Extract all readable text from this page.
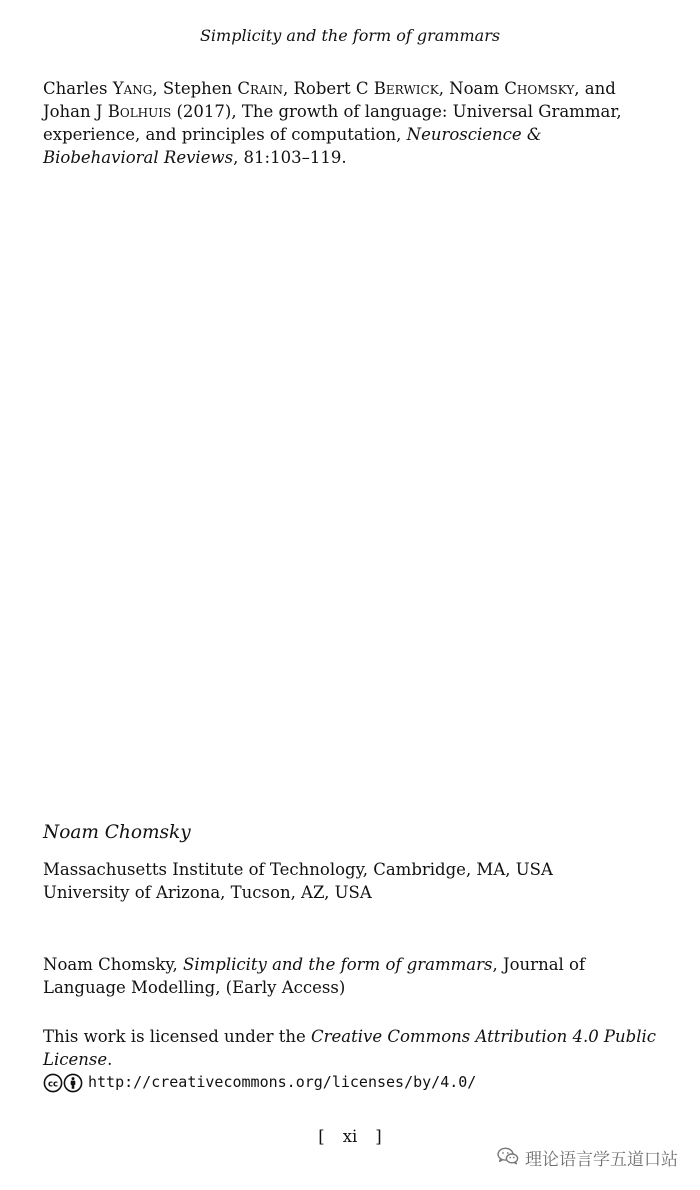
Simplicity and the form of grammars
Charles Yang, Stephen Crain, Robert C Berwick, Noam Chomsky, and Johan J Bolhuis (2017), The growth of language: Universal Grammar, experience, and principles of computation, Neuroscience & Biobehavioral Reviews, 81:103–119.
Noam Chomsky
Massachusetts Institute of Technology, Cambridge, MA, USA
University of Arizona, Tucson, AZ, USA
Noam Chomsky, Simplicity and the form of grammars, Journal of Language Modelling, (Early Access)
This work is licensed under the Creative Commons Attribution 4.0 Public License.
cc http://creativecommons.org/licenses/by/4.0/
[ xi ]
理论语言学五道口站
